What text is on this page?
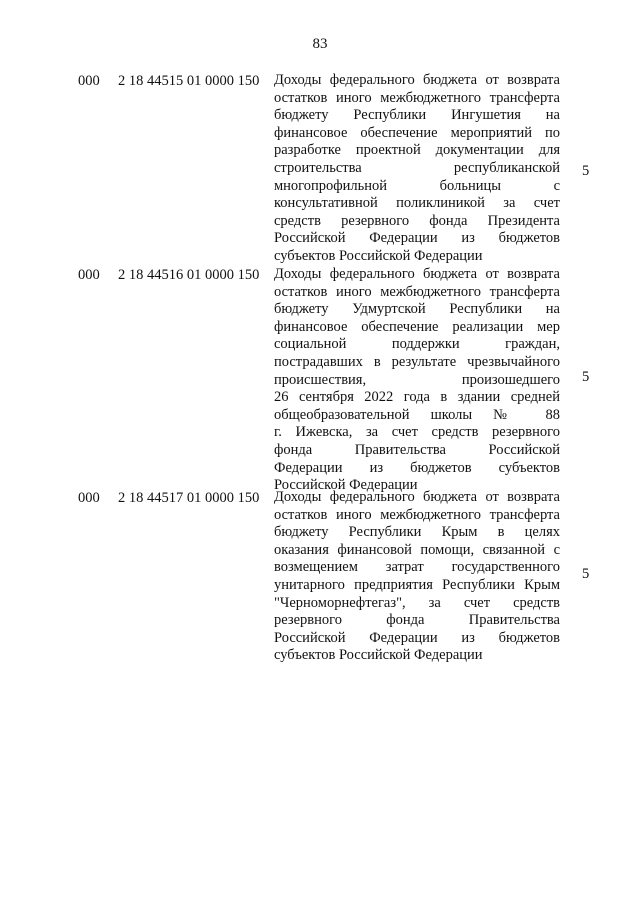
83
000 2 18 44515 01 0000 150 Доходы федерального бюджета от возврата
остатков иного межбюджетного трансферта
бюджету Республики Ингушетия на
финансовое обеспечение мероприятий по
разработке проектной документации для
строительства республиканской
многопрофильной больницы с
консультативной поликлиникой за счет
средств резервного фонда Президента
Российской Федерации из бюджетов
субъектов Российской Федерации
5
000 2 18 44516 01 0000 150 Доходы федерального бюджета от возврата
остатков иного межбюджетного трансферта
бюджету Удмуртской Республики на
финансовое обеспечение реализации мер
социальной поддержки граждан,
пострадавших в результате чрезвычайного
происшествия, произошедшего
26 сентября 2022 года в здании средней
общеобразовательной школы № 88
г. Ижевска, за счет средств резервного
фонда Правительства Российской
Федерации из бюджетов субъектов
Российской Федерации
5
000 2 18 44517 01 0000 150 Доходы федерального бюджета от возврата
остатков иного межбюджетного трансферта
бюджету Республики Крым в целях
оказания финансовой помощи, связанной с
возмещением затрат государственного
унитарного предприятия Республики Крым
"Черноморнефтегаз", за счет средств
резервного фонда Правительства
Российской Федерации из бюджетов
субъектов Российской Федерации
5
